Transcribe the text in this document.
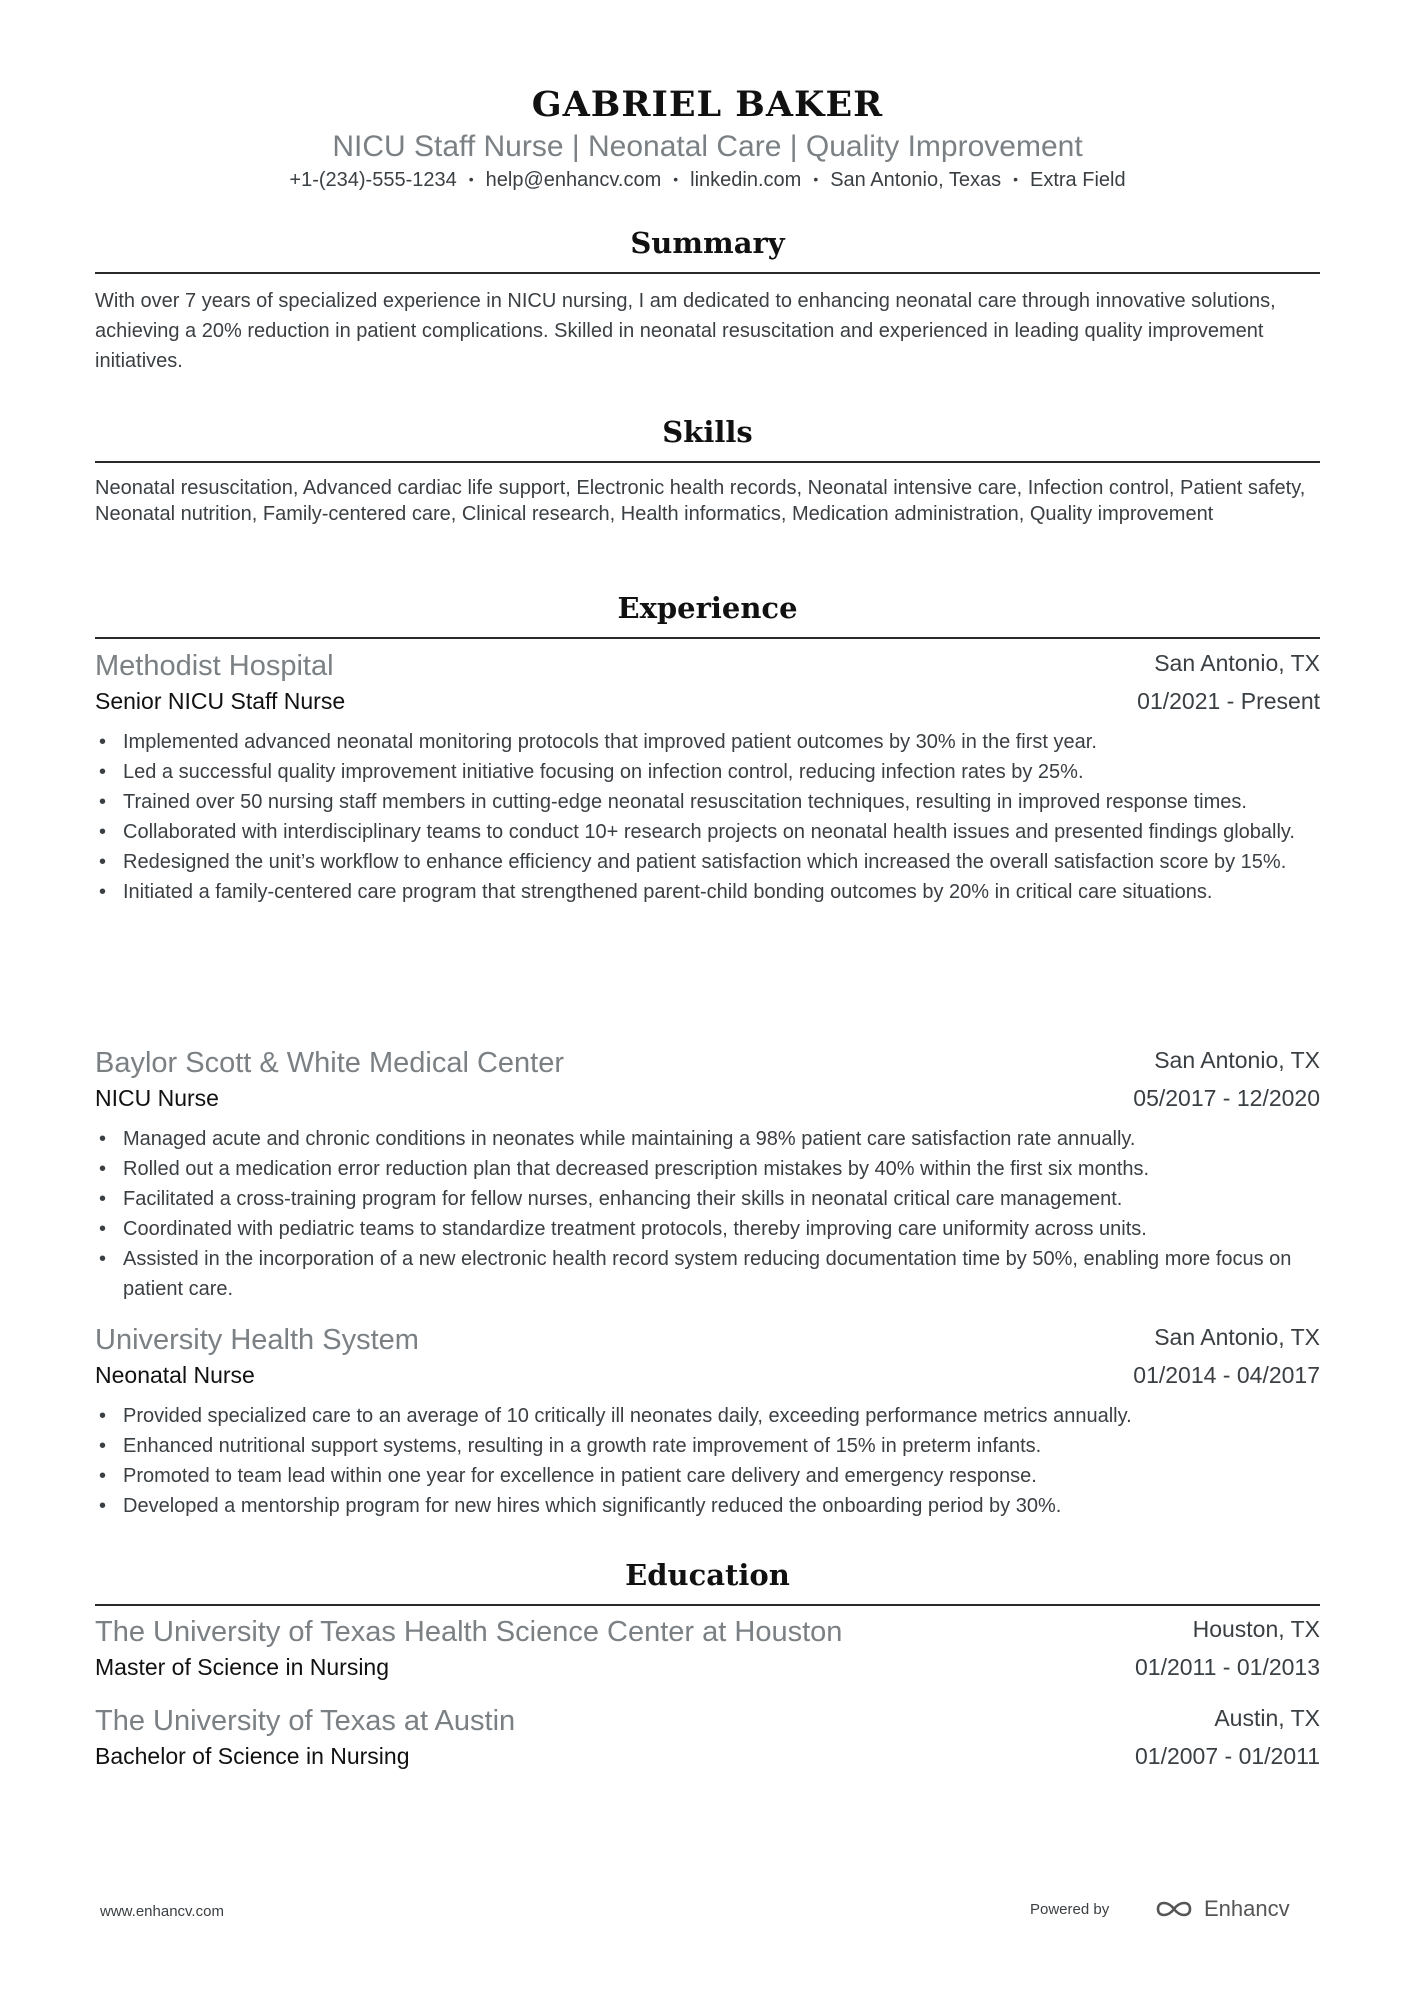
GABRIEL BAKER
NICU Staff Nurse | Neonatal Care | Quality Improvement
+1-(234)-555-1234 • help@enhancv.com • linkedin.com • San Antonio, Texas • Extra Field
Summary
With over 7 years of specialized experience in NICU nursing, I am dedicated to enhancing neonatal care through innovative solutions, achieving a 20% reduction in patient complications. Skilled in neonatal resuscitation and experienced in leading quality improvement initiatives.
Skills
Neonatal resuscitation, Advanced cardiac life support, Electronic health records, Neonatal intensive care, Infection control, Patient safety, Neonatal nutrition, Family-centered care, Clinical research, Health informatics, Medication administration, Quality improvement
Experience
Methodist Hospital	San Antonio, TX
Senior NICU Staff Nurse	01/2021 - Present
• Implemented advanced neonatal monitoring protocols that improved patient outcomes by 30% in the first year.
• Led a successful quality improvement initiative focusing on infection control, reducing infection rates by 25%.
• Trained over 50 nursing staff members in cutting-edge neonatal resuscitation techniques, resulting in improved response times.
• Collaborated with interdisciplinary teams to conduct 10+ research projects on neonatal health issues and presented findings globally.
• Redesigned the unit’s workflow to enhance efficiency and patient satisfaction which increased the overall satisfaction score by 15%.
• Initiated a family-centered care program that strengthened parent-child bonding outcomes by 20% in critical care situations.
Baylor Scott & White Medical Center	San Antonio, TX
NICU Nurse	05/2017 - 12/2020
• Managed acute and chronic conditions in neonates while maintaining a 98% patient care satisfaction rate annually.
• Rolled out a medication error reduction plan that decreased prescription mistakes by 40% within the first six months.
• Facilitated a cross-training program for fellow nurses, enhancing their skills in neonatal critical care management.
• Coordinated with pediatric teams to standardize treatment protocols, thereby improving care uniformity across units.
• Assisted in the incorporation of a new electronic health record system reducing documentation time by 50%, enabling more focus on patient care.
University Health System	San Antonio, TX
Neonatal Nurse	01/2014 - 04/2017
• Provided specialized care to an average of 10 critically ill neonates daily, exceeding performance metrics annually.
• Enhanced nutritional support systems, resulting in a growth rate improvement of 15% in preterm infants.
• Promoted to team lead within one year for excellence in patient care delivery and emergency response.
• Developed a mentorship program for new hires which significantly reduced the onboarding period by 30%.
Education
The University of Texas Health Science Center at Houston	Houston, TX
Master of Science in Nursing	01/2011 - 01/2013
The University of Texas at Austin	Austin, TX
Bachelor of Science in Nursing	01/2007 - 01/2011
www.enhancv.com	Powered by	Enhancv
